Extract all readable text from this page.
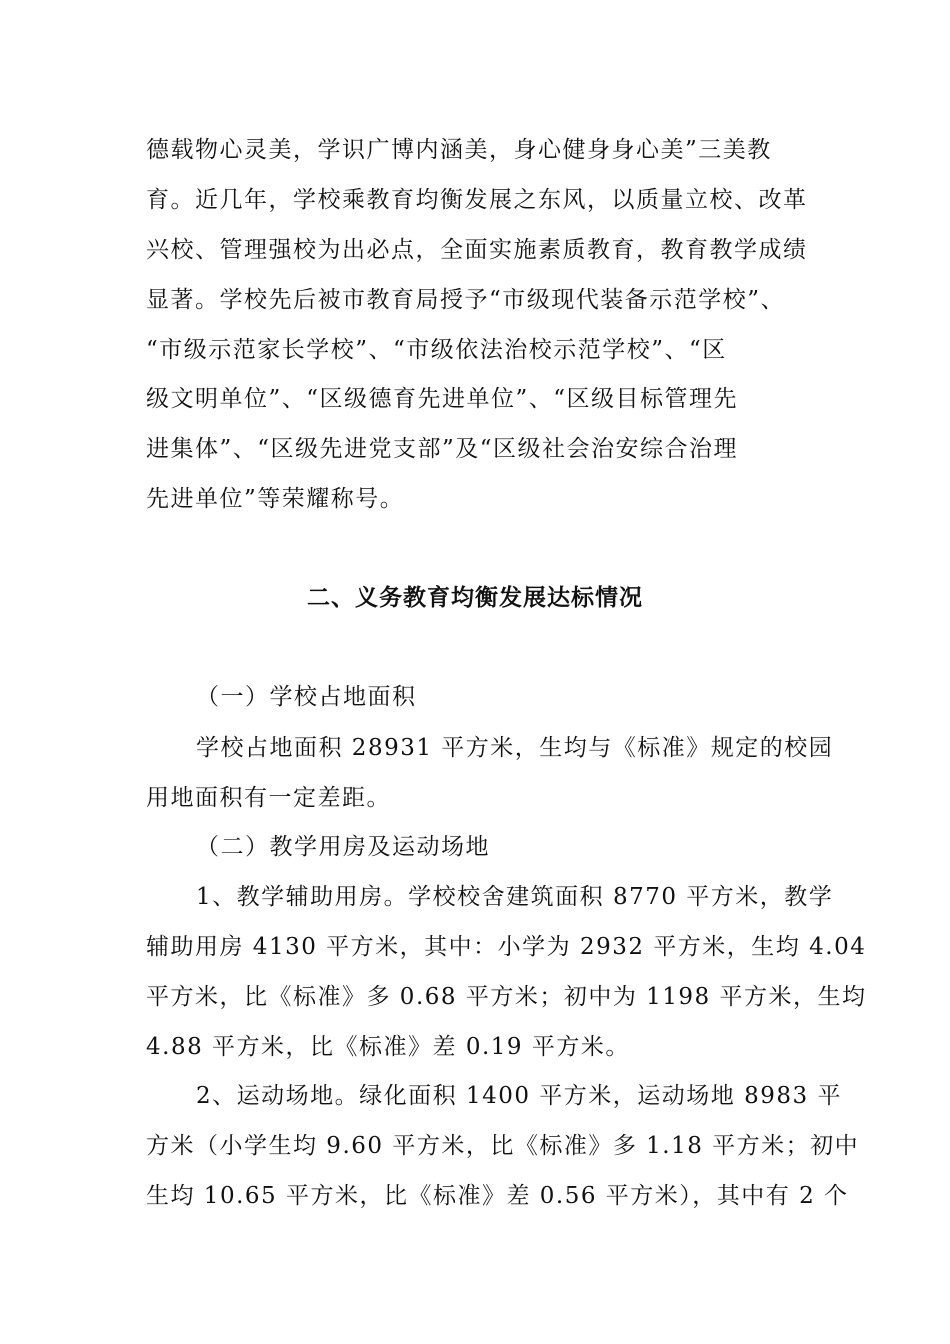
德载物心灵美，学识广博内涵美，身心健身身心美”三美教
育。近几年，学校乘教育均衡发展之东风，以质量立校、改革
兴校、管理强校为出必点，全面实施素质教育，教育教学成绩
显著。学校先后被市教育局授予“市级现代装备示范学校”、
“市级示范家长学校”、“市级依法治校示范学校”、“区
级文明单位”、“区级德育先进单位”、“区级目标管理先
进集体”、“区级先进党支部”及“区级社会治安综合治理
先进单位”等荣耀称号。
二、义务教育均衡发展达标情况
（一）学校占地面积
学校占地面积 28931 平方米，生均与《标准》规定的校园
用地面积有一定差距。
（二）教学用房及运动场地
1、教学辅助用房。学校校舍建筑面积 8770 平方米，教学
辅助用房 4130 平方米，其中：小学为 2932 平方米，生均 4.04
平方米，比《标准》多 0.68 平方米；初中为 1198 平方米，生均
4.88 平方米，比《标准》差 0.19 平方米。
2、运动场地。绿化面积 1400 平方米，运动场地 8983 平
方米（小学生均 9.60 平方米，比《标准》多 1.18 平方米；初中
生均 10.65 平方米，比《标准》差 0.56 平方米），其中有 2 个
